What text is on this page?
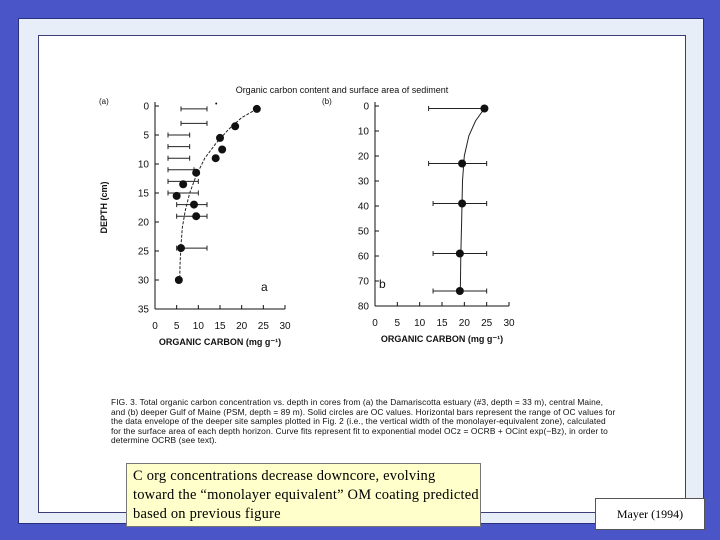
Organic carbon content and surface area of sediment
•
0
5
10
15
20
25
30
35
0 5 10 15 20 25 30
ORGANIC CARBON (mg g⁻¹)
DEPTH (cm)
(a)
a
0
10
20
30
40
50
60
70
80
0 5 10 15 20 25 30
ORGANIC CARBON (mg g⁻¹)
(b)
b
FIG. 3. Total organic carbon concentration vs. depth in cores from (a) the Damariscotta estuary (#3, depth = 33 m), central Maine, and (b) deeper Gulf of Maine (PSM, depth = 89 m). Solid circles are OC values. Horizontal bars represent the range of OC values for the data envelope of the deeper site samples plotted in Fig. 2 (i.e., the vertical width of the monolayer-equivalent zone), calculated for the surface area of each depth horizon. Curve fits represent fit to exponential model OCz = OCRB + OCint exp(−Bz), in order to determine OCRB (see text).
C org concentrations decrease downcore, evolving toward the “monolayer equivalent” OM coating predicted based on previous figure	Mayer (1994)
